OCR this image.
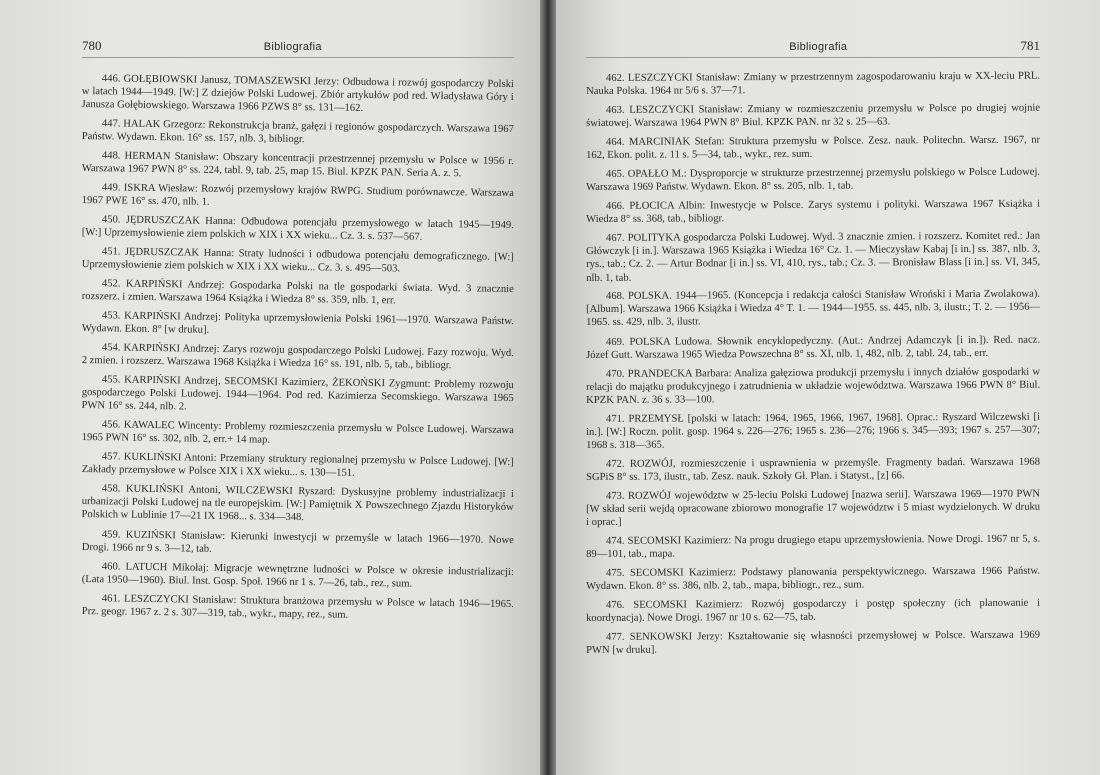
780	Bibliografia

446. GOŁĘBIOWSKI Janusz, TOMASZEWSKI Jerzy: Odbudowa i rozwój gospodarczy Polski w latach 1944—1949. [W:] Z dziejów Polski Ludowej. Zbiór artykułów pod red. Władysława Góry i Janusza Gołębiowskiego. Warszawa 1966 PZWS 8° ss. 131—162.

447. HALAK Grzegorz: Rekonstrukcja branż, gałęzi i regionów gospodarczych. Warszawa 1967 Państw. Wydawn. Ekon. 16° ss. 157, nlb. 3, bibliogr.

448. HERMAN Stanisław: Obszary koncentracji przestrzennej przemysłu w Polsce w 1956 r. Warszawa 1967 PWN 8° ss. 224, tabl. 9, tab. 25, map 15. Biul. KPZK PAN. Seria A. z. 5.

449. ISKRA Wiesław: Rozwój przemysłowy krajów RWPG. Studium porównawcze. Warszawa 1967 PWE 16° ss. 470, nlb. 1.

450. JĘDRUSZCZAK Hanna: Odbudowa potencjału przemysłowego w latach 1945—1949. [W:] Uprzemysłowienie ziem polskich w XIX i XX wieku... Cz. 3. s. 537—567.

451. JĘDRUSZCZAK Hanna: Straty ludności i odbudowa potencjału demograficznego. [W:] Uprzemysłowienie ziem polskich w XIX i XX wieku... Cz. 3. s. 495—503.

452. KARPIŃSKI Andrzej: Gospodarka Polski na tle gospodarki świata. Wyd. 3 znacznie rozszerz. i zmien. Warszawa 1964 Książka i Wiedza 8° ss. 359, nlb. 1, err.

453. KARPIŃSKI Andrzej: Polityka uprzemysłowienia Polski 1961—1970. Warszawa Państw. Wydawn. Ekon. 8° [w druku].

454. KARPIŃSKI Andrzej: Zarys rozwoju gospodarczego Polski Ludowej. Fazy rozwoju. Wyd. 2 zmien. i rozszerz. Warszawa 1968 Książka i Wiedza 16° ss. 191, nlb. 5, tab., bibliogr.

455. KARPIŃSKI Andrzej, SECOMSKI Kazimierz, ŻEKOŃSKI Zygmunt: Problemy rozwoju gospodarczego Polski Ludowej. 1944—1964. Pod red. Kazimierza Secomskiego. Warszawa 1965 PWN 16° ss. 244, nlb. 2.

456. KAWALEC Wincenty: Problemy rozmieszczenia przemysłu w Polsce Ludowej. Warszawa 1965 PWN 16° ss. 302, nlb. 2, err.+ 14 map.

457. KUKLIŃSKI Antoni: Przemiany struktury regionalnej przemysłu w Polsce Ludowej. [W:] Zakłady przemysłowe w Polsce XIX i XX wieku... s. 130—151.

458. KUKLIŃSKI Antoni, WILCZEWSKI Ryszard: Dyskusyjne problemy industrializacji i urbanizacji Polski Ludowej na tle europejskim. [W:] Pamiętnik X Powszechnego Zjazdu Historyków Polskich w Lublinie 17—21 IX 1968... s. 334—348.

459. KUZIŃSKI Stanisław: Kierunki inwestycji w przemyśle w latach 1966—1970. Nowe Drogi. 1966 nr 9 s. 3—12, tab.

460. LATUCH Mikołaj: Migracje wewnętrzne ludności w Polsce w okresie industrializacji: (Lata 1950—1960). Biul. Inst. Gosp. Społ. 1966 nr 1 s. 7—26, tab., rez., sum.

461. LESZCZYCKI Stanisław: Struktura branżowa przemysłu w Polsce w latach 1946—1965. Prz. geogr. 1967 z. 2 s. 307—319, tab., wykr., mapy, rez., sum.

Bibliografia	781

462. LESZCZYCKI Stanisław: Zmiany w przestrzennym zagospodarowaniu kraju w XX-leciu PRL. Nauka Polska. 1964 nr 5/6 s. 37—71.

463. LESZCZYCKI Stanisław: Zmiany w rozmieszczeniu przemysłu w Polsce po drugiej wojnie światowej. Warszawa 1964 PWN 8° Biul. KPZK PAN. nr 32 s. 25—63.

464. MARCINIAK Stefan: Struktura przemysłu w Polsce. Zesz. nauk. Politechn. Warsz. 1967, nr 162, Ekon. polit. z. 11 s. 5—34, tab., wykr., rez. sum.

465. OPAŁŁO M.: Dysproporcje w strukturze przestrzennej przemysłu polskiego w Polsce Ludowej. Warszawa 1969 Państw. Wydawn. Ekon. 8° ss. 205, nlb. 1, tab.

466. PŁOCICA Albin: Inwestycje w Polsce. Zarys systemu i polityki. Warszawa 1967 Książka i Wiedza 8° ss. 368, tab., bibliogr.

467. POLITYKA gospodarcza Polski Ludowej. Wyd. 3 znacznie zmien. i rozszerz. Komitet red.: Jan Główczyk [i in.]. Warszawa 1965 Książka i Wiedza 16° Cz. 1. — Mieczysław Kabaj [i in.] ss. 387, nlb. 3, rys., tab.; Cz. 2. — Artur Bodnar [i in.] ss. VI, 410, rys., tab.; Cz. 3. — Bronisław Blass [i in.] ss. VI, 345, nlb. 1, tab.

468. POLSKA. 1944—1965. (Koncepcja i redakcja całości Stanisław Wroński i Maria Zwolakowa). [Album]. Warszawa 1966 Książka i Wiedza 4° T. 1. — 1944—1955. ss. 445, nlb. 3, ilustr.; T. 2. — 1956—1965. ss. 429, nlb. 3, ilustr.

469. POLSKA Ludowa. Słownik encyklopedyczny. (Aut.: Andrzej Adamczyk [i in.]). Red. nacz. Józef Gutt. Warszawa 1965 Wiedza Powszechna 8° ss. XI, nlb. 1, 482, nlb. 2, tabl. 24, tab., err.

470. PRANDECKA Barbara: Analiza gałęziowa produkcji przemysłu i innych działów gospodarki w relacji do majątku produkcyjnego i zatrudnienia w układzie województwa. Warszawa 1966 PWN 8° Biul. KPZK PAN. z. 36 s. 33—100.

471. PRZEMYSŁ [polski w latach: 1964, 1965, 1966, 1967, 1968]. Oprac.: Ryszard Wilczewski [i in.]. [W:] Roczn. polit. gosp. 1964 s. 226—276; 1965 s. 236—276; 1966 s. 345—393; 1967 s. 257—307; 1968 s. 318—365.

472. ROZWÓJ, rozmieszczenie i usprawnienia w przemyśle. Fragmenty badań. Warszawa 1968 SGPiS 8° ss. 173, ilustr., tab. Zesz. nauk. Szkoły Gł. Plan. i Statyst., [z] 66.

473. ROZWÓJ województw w 25-leciu Polski Ludowej [nazwa serii]. Warszawa 1969—1970 PWN [W skład serii wejdą opracowane zbiorowo monografie 17 województw i 5 miast wydzielonych. W druku i oprac.]

474. SECOMSKI Kazimierz: Na progu drugiego etapu uprzemysłowienia. Nowe Drogi. 1967 nr 5, s. 89—101, tab., mapa.

475. SECOMSKI Kazimierz: Podstawy planowania perspektywicznego. Warszawa 1966 Państw. Wydawn. Ekon. 8° ss. 386, nlb. 2, tab., mapa, bibliogr., rez., sum.

476. SECOMSKI Kazimierz: Rozwój gospodarczy i postęp społeczny (ich planowanie i koordynacja). Nowe Drogi. 1967 nr 10 s. 62—75, tab.

477. SENKOWSKI Jerzy: Kształtowanie się własności przemysłowej w Polsce. Warszawa 1969 PWN [w druku].
